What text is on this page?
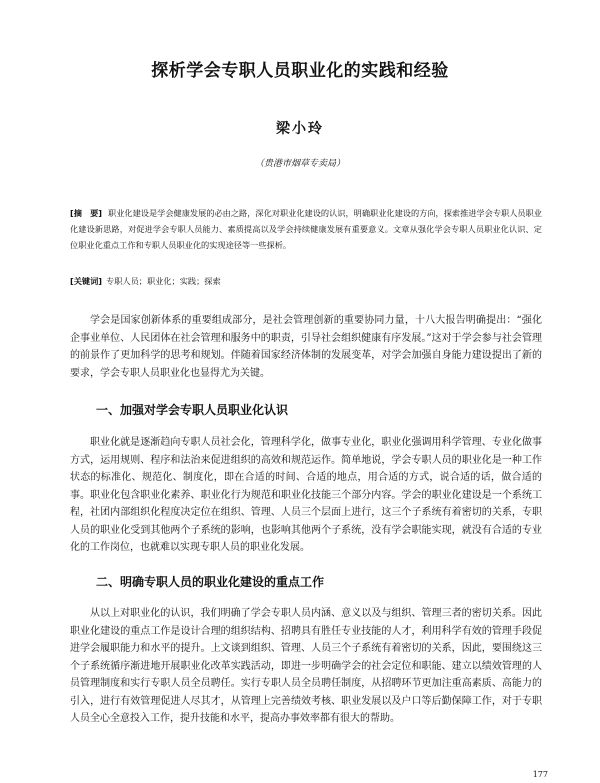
探析学会专职人员职业化的实践和经验
梁小玲
（贵港市烟草专卖局）
[摘　要] 职业化建设是学会健康发展的必由之路，深化对职业化建设的认识，明确职业化建设的方向，探索推进学会专职人员职业化建设新思路，对促进学会专职人员能力、素质提高以及学会持续健康发展有重要意义。文章从强化学会专职人员职业化认识、定位职业化重点工作和专职人员职业化的实现途径等一些探析。
[关键词] 专职人员；职业化；实践；探索
学会是国家创新体系的重要组成部分，是社会管理创新的重要协同力量，十八大报告明确提出：“强化企事业单位、人民团体在社会管理和服务中的职责，引导社会组织健康有序发展。”这对于学会参与社会管理的前景作了更加科学的思考和规划。伴随着国家经济体制的发展变革，对学会加强自身能力建设提出了新的要求，学会专职人员职业化也显得尤为关键。
一、加强对学会专职人员职业化认识
职业化就是逐渐趋向专职人员社会化，管理科学化，做事专业化，职业化强调用科学管理、专业化做事方式，运用规则、程序和法治来促进组织的高效和规范运作。简单地说，学会专职人员的职业化是一种工作状态的标准化、规范化、制度化，即在合适的时间、合适的地点，用合适的方式，说合适的话，做合适的事。职业化包含职业化素养、职业化行为规范和职业化技能三个部分内容。学会的职业化建设是一个系统工程，社团内部组织化程度决定位在组织、管理、人员三个层面上进行，这三个子系统有着密切的关系，专职人员的职业化受到其他两个子系统的影响，也影响其他两个子系统，没有学会职能实现，就没有合适的专业化的工作岗位，也就难以实现专职人员的职业化发展。
二、明确专职人员的职业化建设的重点工作
从以上对职业化的认识，我们明确了学会专职人员内涵、意义以及与组织、管理三者的密切关系。因此职业化建设的重点工作是设计合理的组织结构、招聘具有胜任专业技能的人才，利用科学有效的管理手段促进学会履职能力和水平的提升。上文谈到组织、管理、人员三个子系统有着密切的关系，因此，要围绕这三个子系统循序渐进地开展职业化改革实践活动，即进一步明确学会的社会定位和职能、建立以绩效管理的人员管理制度和实行专职人员全员聘任。实行专职人员全员聘任制度，从招聘环节更加注重高素质、高能力的引入，进行有效管理促进人尽其才，从管理上完善绩效考核、职业发展以及户口等后勤保障工作，对于专职人员全心全意投入工作，提升技能和水平，提高办事效率都有很大的帮助。
177
